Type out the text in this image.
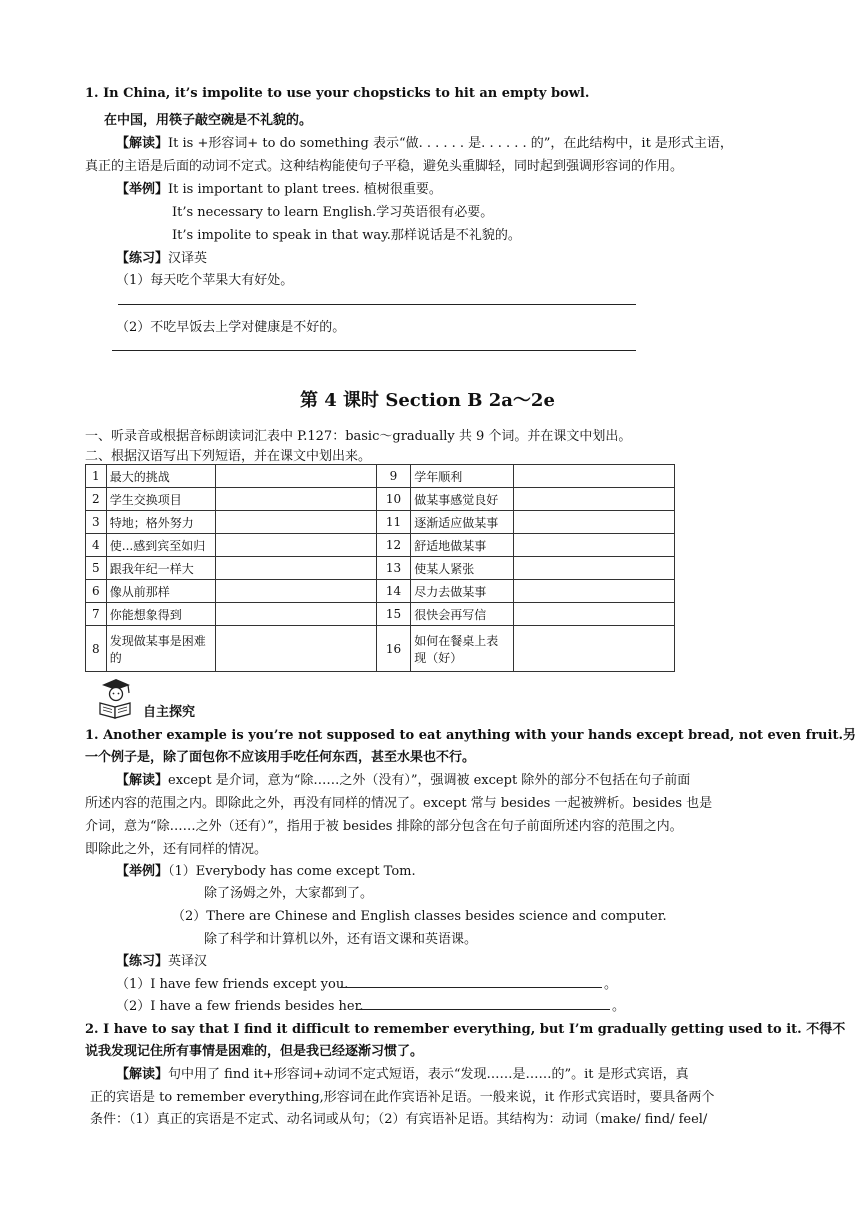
1. In China, it’s impolite to use your chopsticks to hit an empty bowl.
在中国，用筷子敲空碗是不礼貌的。
【解读】It is +形容词+ to do something 表示“做. . . . . . 是. . . . . . 的”，在此结构中，it 是形式主语，
真正的主语是后面的动词不定式。这种结构能使句子平稳，避免头重脚轻，同时起到强调形容词的作用。
【举例】It is important to plant trees. 植树很重要。
It’s necessary to learn English.学习英语很有必要。
It’s impolite to speak in that way.那样说话是不礼貌的。
【练习】汉译英
（1）每天吃个苹果大有好处。
（2）不吃早饭去上学对健康是不好的。
第 4 课时 Section B 2a～2e
一、听录音或根据音标朗读词汇表中 P.127：basic～gradually 共 9 个词。并在课文中划出。
二、根据汉语写出下列短语，并在课文中划出来。
1	最大的挑战		9	学年顺利	
2	学生交换项目		10	做某事感觉良好	
3	特地；格外努力		11	逐渐适应做某事	
4	使...感到宾至如归		12	舒适地做某事	
5	跟我年纪一样大		13	使某人紧张	
6	像从前那样		14	尽力去做某事	
7	你能想象得到		15	很快会再写信	
8	发现做某事是困难的		16	如何在餐桌上表现（好）	
自主探究
1. Another example is you’re not supposed to eat anything with your hands except bread, not even fruit.另
一个例子是，除了面包你不应该用手吃任何东西，甚至水果也不行。
【解读】except 是介词，意为“除……之外（没有）”，强调被 except 除外的部分不包括在句子前面
所述内容的范围之内。即除此之外，再没有同样的情况了。except 常与 besides 一起被辨析。besides 也是
介词，意为“除……之外（还有）”，指用于被 besides 排除的部分包含在句子前面所述内容的范围之内。
即除此之外，还有同样的情况。
【举例】（1）Everybody has come except Tom.
除了汤姆之外，大家都到了。
（2）There are Chinese and English classes besides science and computer.
除了科学和计算机以外，还有语文课和英语课。
【练习】英译汉
（1）I have few friends except you.	。
（2）I have a few friends besides her.	。
2. I have to say that I find it difficult to remember everything, but I’m gradually getting used to it. 不得不
说我发现记住所有事情是困难的，但是我已经逐渐习惯了。
【解读】句中用了 find it+形容词+动词不定式短语，表示“发现……是……的”。it 是形式宾语，真
正的宾语是 to remember everything,形容词在此作宾语补足语。一般来说，it 作形式宾语时，要具备两个
条件：（1）真正的宾语是不定式、动名词或从句；（2）有宾语补足语。其结构为：动词（make/ find/ feel/
